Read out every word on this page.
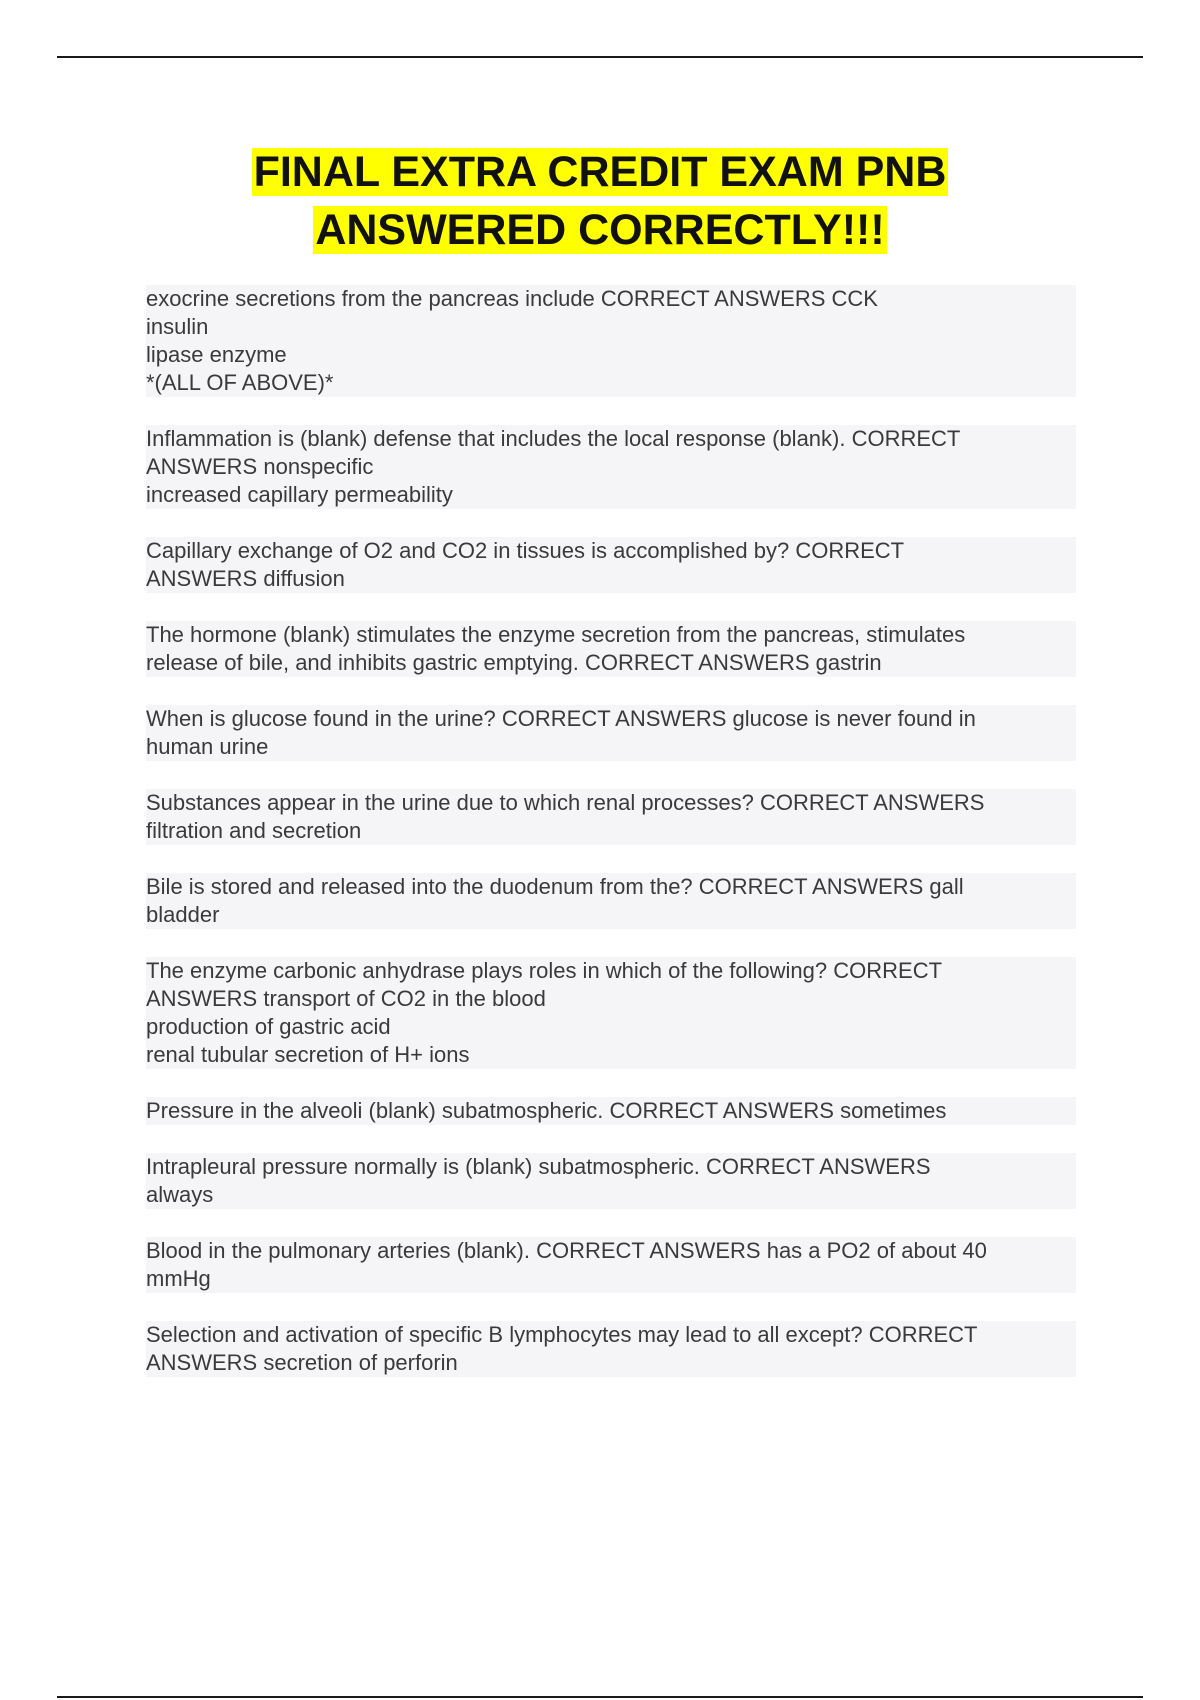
FINAL EXTRA CREDIT EXAM PNB
ANSWERED CORRECTLY!!!
exocrine secretions from the pancreas include CORRECT ANSWERS CCK
insulin
lipase enzyme
*(ALL OF ABOVE)*
Inflammation is (blank) defense that includes the local response (blank). CORRECT
ANSWERS nonspecific
increased capillary permeability
Capillary exchange of O2 and CO2 in tissues is accomplished by? CORRECT
ANSWERS diffusion
The hormone (blank) stimulates the enzyme secretion from the pancreas, stimulates
release of bile, and inhibits gastric emptying. CORRECT ANSWERS gastrin
When is glucose found in the urine? CORRECT ANSWERS glucose is never found in
human urine
Substances appear in the urine due to which renal processes? CORRECT ANSWERS
filtration and secretion
Bile is stored and released into the duodenum from the? CORRECT ANSWERS gall
bladder
The enzyme carbonic anhydrase plays roles in which of the following? CORRECT
ANSWERS transport of CO2 in the blood
production of gastric acid
renal tubular secretion of H+ ions
Pressure in the alveoli (blank) subatmospheric. CORRECT ANSWERS sometimes
Intrapleural pressure normally is (blank) subatmospheric. CORRECT ANSWERS
always
Blood in the pulmonary arteries (blank). CORRECT ANSWERS has a PO2 of about 40
mmHg
Selection and activation of specific B lymphocytes may lead to all except? CORRECT
ANSWERS secretion of perforin
